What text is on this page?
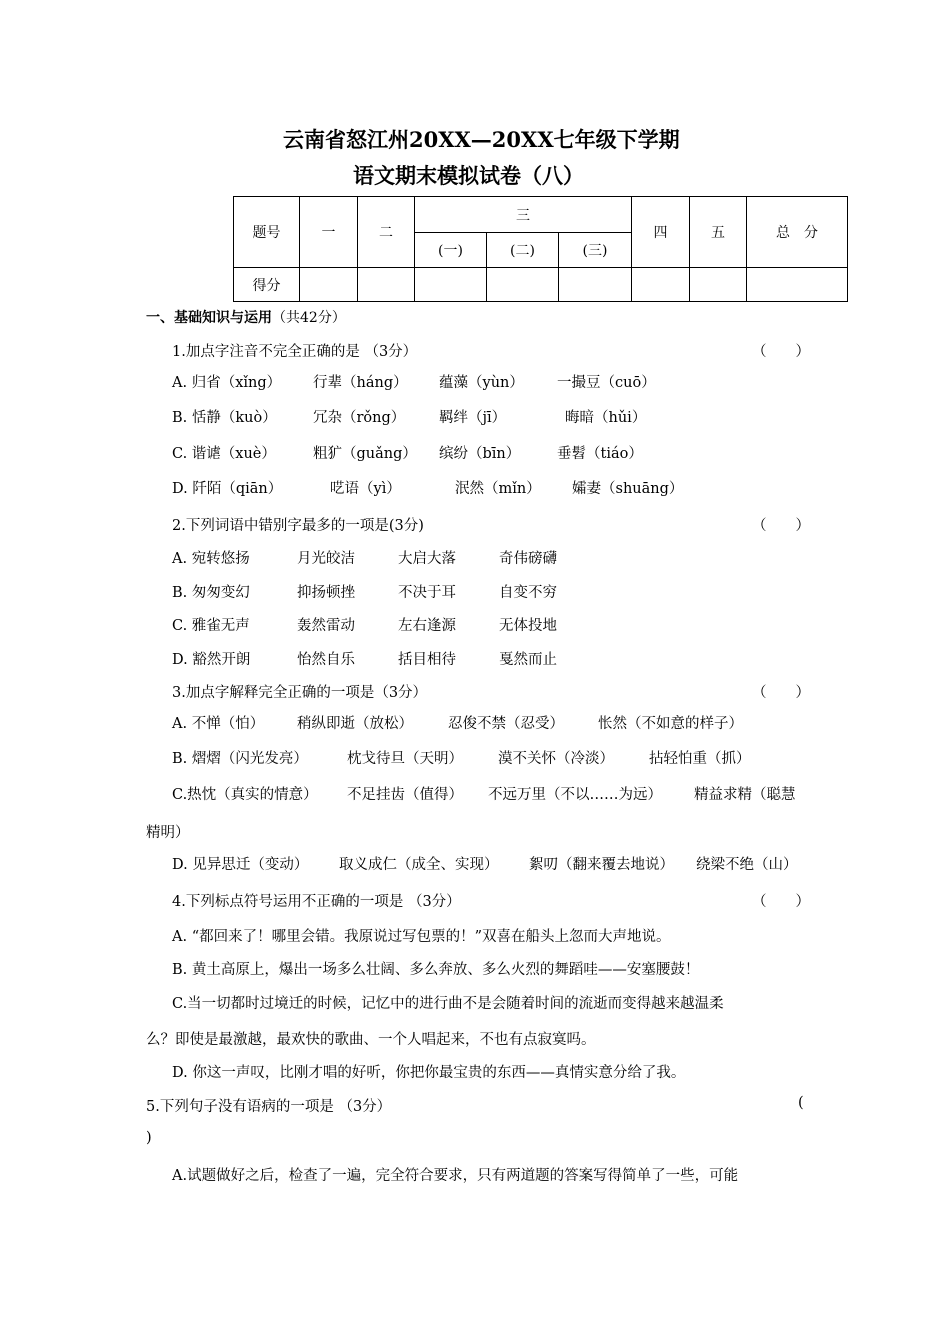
云南省怒江州20XX—20XX七年级下学期
语文期末模拟试卷（八）
题号	一	二	三			四	五	总　分
			(一)	(二)	(三)			
得分								
一、基础知识与运用（共42分）
1.加点字注音不完全正确的是 （3分）	（　　）
A. 归省（xǐng） 行辈（háng） 蕴藻（yùn） 一撮豆（cuō）
B. 恬静（kuò）	冗杂（rǒng） 羁绊（jī）	晦暗（hǔi）
C. 谐谑（xuè）	粗犷（guǎng） 缤纷（bīn）	垂髫（tiáo）
D. 阡陌（qiān）	呓语（yì）	泯然（mǐn） 孀妻（shuāng）
2.下列词语中错别字最多的一项是(3分)	（　　）
A. 宛转悠扬	月光皎洁	大启大落	奇伟磅礴
B. 匆匆变幻	抑扬顿挫	不决于耳	自变不穷
C. 雅雀无声	轰然雷动	左右逢源	无体投地
D. 豁然开朗	怡然自乐	括目相待	戛然而止
3.加点字解释完全正确的一项是（3分）	（　　）
A. 不惮（怕） 稍纵即逝（放松） 忍俊不禁（忍受） 怅然（不如意的样子）
B. 熠熠（闪光发亮）	枕戈待旦（天明） 漠不关怀（冷淡） 拈轻怕重（抓）
C.热忱（真实的情意） 不足挂齿（值得） 不远万里（不以……为远） 精益求精（聪慧
精明）
D. 见异思迁（变动） 取义成仁（成全、实现） 絮叨（翻来覆去地说） 绕梁不绝（山）
4.下列标点符号运用不正确的一项是 （3分）	（　　）
A. “都回来了！哪里会错。我原说过写包票的！”双喜在船头上忽而大声地说。
B. 黄土高原上，爆出一场多么壮阔、多么奔放、多么火烈的舞蹈哇——安塞腰鼓！
C.当一切都时过境迁的时候，记忆中的进行曲不是会随着时间的流逝而变得越来越温柔
么？即使是最激越，最欢快的歌曲、一个人唱起来，不也有点寂寞吗。
D. 你这一声叹，比刚才唱的好听，你把你最宝贵的东西——真情实意分给了我。
5.下列句子没有语病的一项是 （3分）	(
)
A.试题做好之后，检查了一遍，完全符合要求，只有两道题的答案写得简单了一些，可能
